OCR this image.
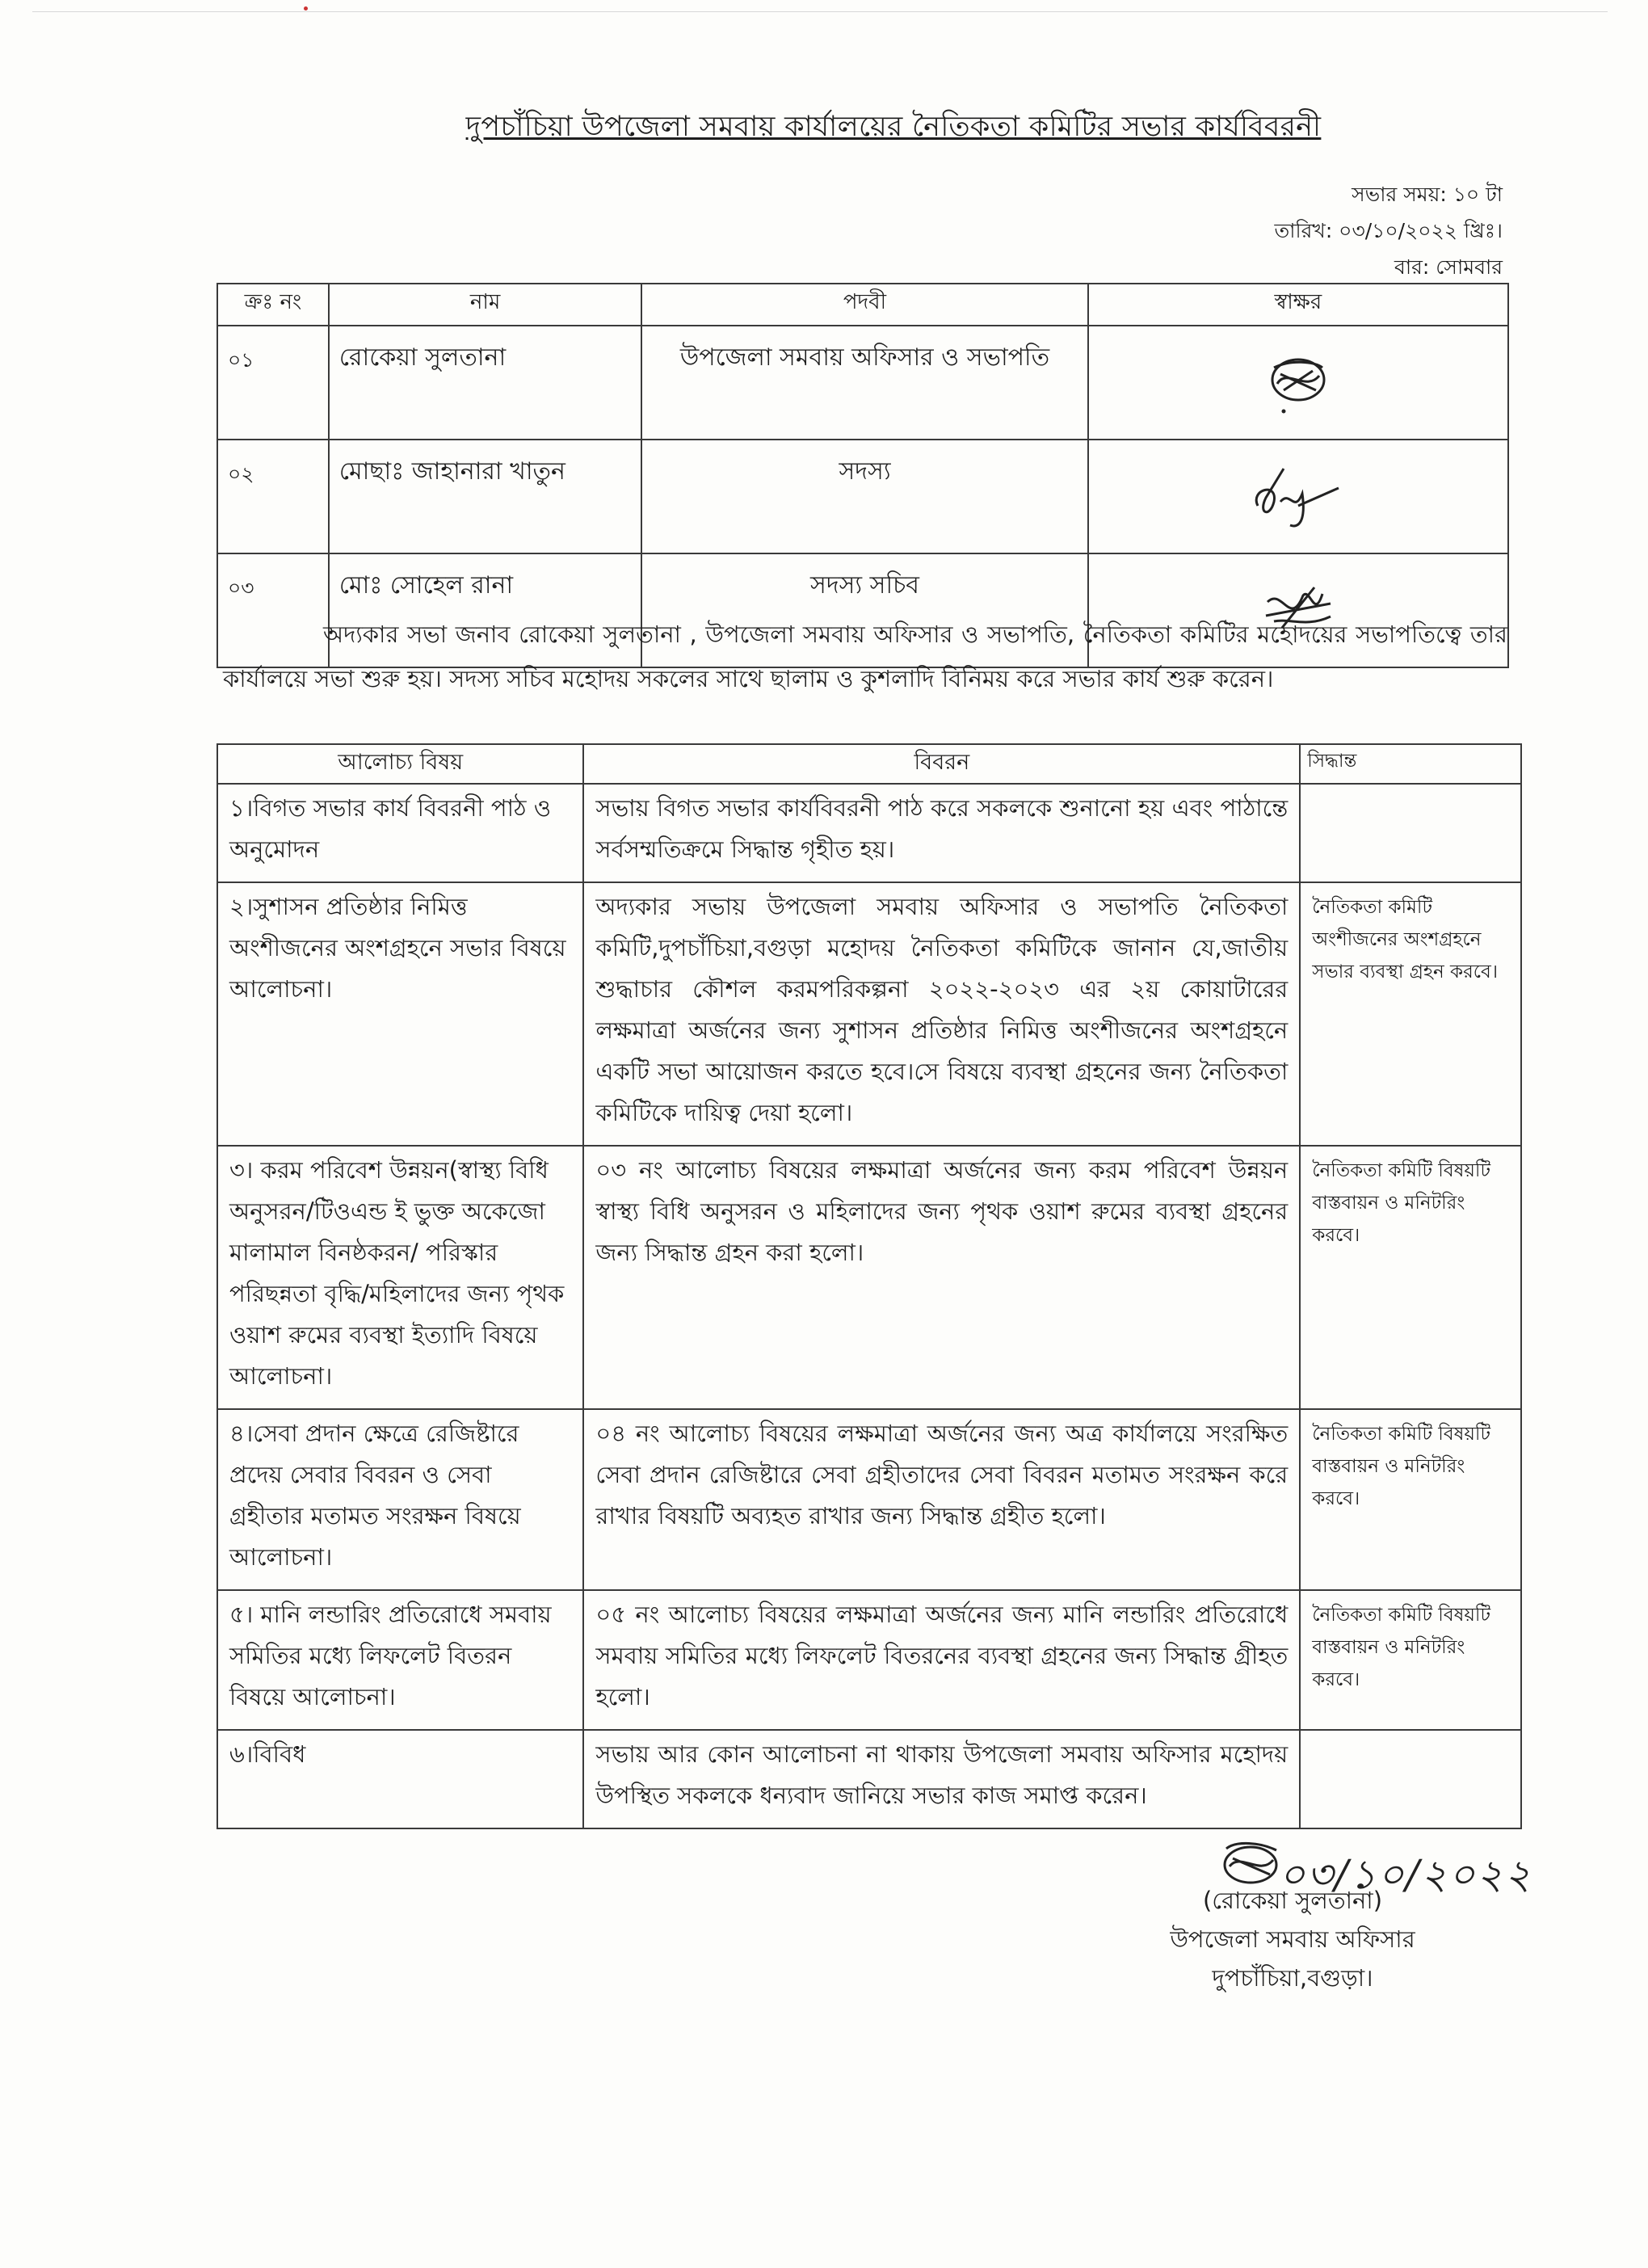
দুপচাঁচিয়া উপজেলা সমবায় কার্যালয়ের নৈতিকতা কমিটির সভার কার্যবিবরনী
সভার সময়: ১০ টা
তারিখ: ০৩/১০/২০২২ খ্রিঃ।
বার: সোমবার
ক্রঃ নং	নাম	পদবী	স্বাক্ষর
০১	রোকেয়া সুলতানা	উপজেলা সমবায় অফিসার ও সভাপতি	
০২	মোছাঃ জাহানারা খাতুন	সদস্য	
০৩	মোঃ সোহেল রানা	সদস্য সচিব	
অদ্যকার সভা জনাব রোকেয়া সুলতানা , উপজেলা সমবায় অফিসার ও সভাপতি, নৈতিকতা কমিটির মহোদয়ের সভাপতিত্বে তার কার্যালয়ে সভা শুরু হয়। সদস্য সচিব মহোদয় সকলের সাথে ছালাম ও কুশলাদি বিনিময় করে সভার কার্য শুরু করেন।
আলোচ্য বিষয়	বিবরন	সিদ্ধান্ত
১।বিগত সভার কার্য বিবরনী পাঠ ও অনুমোদন	সভায় বিগত সভার কার্যবিবরনী পাঠ করে সকলকে শুনানো হয় এবং পাঠান্তে সর্বসম্মতিক্রমে সিদ্ধান্ত গৃহীত হয়।	
২।সুশাসন প্রতিষ্ঠার নিমিত্ত অংশীজনের অংশগ্রহনে সভার বিষয়ে আলোচনা।	অদ্যকার সভায় উপজেলা সমবায় অফিসার ও সভাপতি নৈতিকতা কমিটি,দুপচাঁচিয়া,বগুড়া মহোদয় নৈতিকতা কমিটিকে জানান যে,জাতীয় শুদ্ধাচার কৌশল করমপরিকল্পনা ২০২২-২০২৩ এর ২য় কোয়াটারের লক্ষমাত্রা অর্জনের জন্য সুশাসন প্রতিষ্ঠার নিমিত্ত অংশীজনের অংশগ্রহনে একটি সভা আয়োজন করতে হবে।সে বিষয়ে ব্যবস্থা গ্রহনের জন্য নৈতিকতা কমিটিকে দায়িত্ব দেয়া হলো।	নৈতিকতা কমিটি অংশীজনের অংশগ্রহনে সভার ব্যবস্থা গ্রহন করবে।
৩। করম পরিবেশ উন্নয়ন(স্বাস্থ্য বিধি অনুসরন/টিওএন্ড ই ভুক্ত অকেজো মালামাল বিনষ্ঠকরন/ পরিস্কার পরিছন্নতা বৃদ্ধি/মহিলাদের জন্য পৃথক ওয়াশ রুমের ব্যবস্থা ইত্যাদি বিষয়ে আলোচনা।	০৩ নং আলোচ্য বিষয়ের লক্ষমাত্রা অর্জনের জন্য করম পরিবেশ উন্নয়ন স্বাস্থ্য বিধি অনুসরন ও মহিলাদের জন্য পৃথক ওয়াশ রুমের ব্যবস্থা গ্রহনের জন্য সিদ্ধান্ত গ্রহন করা হলো।	নৈতিকতা কমিটি বিষয়টি বাস্তবায়ন ও মনিটরিং করবে।
৪।সেবা প্রদান ক্ষেত্রে রেজিষ্টারে প্রদেয় সেবার বিবরন ও সেবা গ্রহীতার মতামত সংরক্ষন বিষয়ে আলোচনা।	০৪ নং আলোচ্য বিষয়ের লক্ষমাত্রা অর্জনের জন্য অত্র কার্যালয়ে সংরক্ষিত সেবা প্রদান রেজিষ্টারে সেবা গ্রহীতাদের সেবা বিবরন মতামত সংরক্ষন করে রাখার বিষয়টি অব্যহত রাখার জন্য সিদ্ধান্ত গ্রহীত হলো।	নৈতিকতা কমিটি বিষয়টি বাস্তবায়ন ও মনিটরিং করবে।
৫। মানি লন্ডারিং প্রতিরোধে সমবায় সমিতির মধ্যে লিফলেট বিতরন বিষয়ে আলোচনা।	০৫ নং আলোচ্য বিষয়ের লক্ষমাত্রা অর্জনের জন্য মানি লন্ডারিং প্রতিরোধে সমবায় সমিতির মধ্যে লিফলেট বিতরনের ব্যবস্থা গ্রহনের জন্য সিদ্ধান্ত গ্রীহত হলো।	নৈতিকতা কমিটি বিষয়টি বাস্তবায়ন ও মনিটরিং করবে।
৬।বিবিধ	সভায় আর কোন আলোচনা না থাকায় উপজেলা সমবায় অফিসার মহোদয় উপস্থিত সকলকে ধন্যবাদ জানিয়ে সভার কাজ সমাপ্ত করেন।	
০৩/১০/২০২২
(রোকেয়া সুলতানা)
উপজেলা সমবায় অফিসার
দুপচাঁচিয়া,বগুড়া।
